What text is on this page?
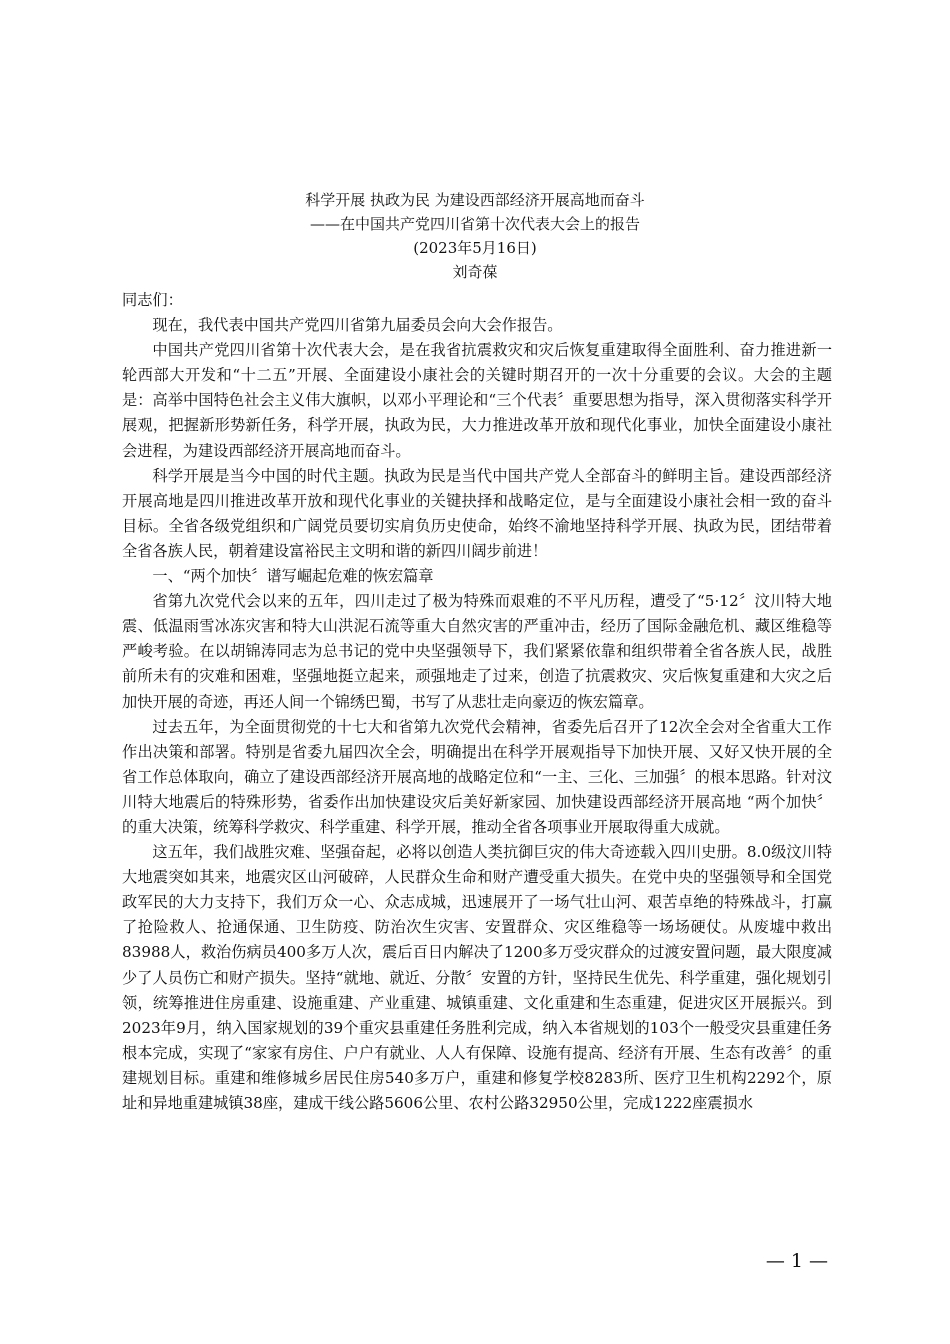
科学开展 执政为民 为建设西部经济开展高地而奋斗
——在中国共产党四川省第十次代表大会上的报告
(2023年5月16日)
刘奇葆

同志们：

现在，我代表中国共产党四川省第九届委员会向大会作报告。

中国共产党四川省第十次代表大会，是在我省抗震救灾和灾后恢复重建取得全面胜利、奋力推进新一轮西部大开发和“十二五”开展、全面建设小康社会的关键时期召开的一次十分重要的会议。大会的主题是：高举中国特色社会主义伟大旗帜，以邓小平理论和“三个代表〞重要思想为指导，深入贯彻落实科学开展观，把握新形势新任务，科学开展，执政为民，大力推进改革开放和现代化事业，加快全面建设小康社会进程，为建设西部经济开展高地而奋斗。

科学开展是当今中国的时代主题。执政为民是当代中国共产党人全部奋斗的鲜明主旨。建设西部经济开展高地是四川推进改革开放和现代化事业的关键抉择和战略定位，是与全面建设小康社会相一致的奋斗目标。全省各级党组织和广阔党员要切实肩负历史使命，始终不渝地坚持科学开展、执政为民，团结带着全省各族人民，朝着建设富裕民主文明和谐的新四川阔步前进！

一、“两个加快〞谱写崛起危难的恢宏篇章

省第九次党代会以来的五年，四川走过了极为特殊而艰难的不平凡历程，遭受了“5·12〞汶川特大地震、低温雨雪冰冻灾害和特大山洪泥石流等重大自然灾害的严重冲击，经历了国际金融危机、藏区维稳等严峻考验。在以胡锦涛同志为总书记的党中央坚强领导下，我们紧紧依靠和组织带着全省各族人民，战胜前所未有的灾难和困难，坚强地挺立起来，顽强地走了过来，创造了抗震救灾、灾后恢复重建和大灾之后加快开展的奇迹，再还人间一个锦绣巴蜀，书写了从悲壮走向豪迈的恢宏篇章。

过去五年，为全面贯彻党的十七大和省第九次党代会精神，省委先后召开了12次全会对全省重大工作作出决策和部署。特别是省委九届四次全会，明确提出在科学开展观指导下加快开展、又好又快开展的全省工作总体取向，确立了建设西部经济开展高地的战略定位和“一主、三化、三加强〞的根本思路。针对汶川特大地震后的特殊形势，省委作出加快建设灾后美好新家园、加快建设西部经济开展高地 “两个加快〞的重大决策，统筹科学救灾、科学重建、科学开展，推动全省各项事业开展取得重大成就。

这五年，我们战胜灾难、坚强奋起，必将以创造人类抗御巨灾的伟大奇迹载入四川史册。8.0级汶川特大地震突如其来，地震灾区山河破碎，人民群众生命和财产遭受重大损失。在党中央的坚强领导和全国党政军民的大力支持下，我们万众一心、众志成城，迅速展开了一场气壮山河、艰苦卓绝的特殊战斗，打赢了抢险救人、抢通保通、卫生防疫、防治次生灾害、安置群众、灾区维稳等一场场硬仗。从废墟中救出83988人，救治伤病员400多万人次，震后百日内解决了1200多万受灾群众的过渡安置问题，最大限度减少了人员伤亡和财产损失。坚持“就地、就近、分散〞安置的方针，坚持民生优先、科学重建，强化规划引领，统筹推进住房重建、设施重建、产业重建、城镇重建、文化重建和生态重建，促进灾区开展振兴。到2023年9月，纳入国家规划的39个重灾县重建任务胜利完成，纳入本省规划的103个一般受灾县重建任务根本完成，实现了“家家有房住、户户有就业、人人有保障、设施有提高、经济有开展、生态有改善〞的重建规划目标。重建和维修城乡居民住房540多万户，重建和修复学校8283所、医疗卫生机构2292个，原址和异地重建城镇38座，建成干线公路5606公里、农村公路32950公里，完成1222座震损水

— 1 —
